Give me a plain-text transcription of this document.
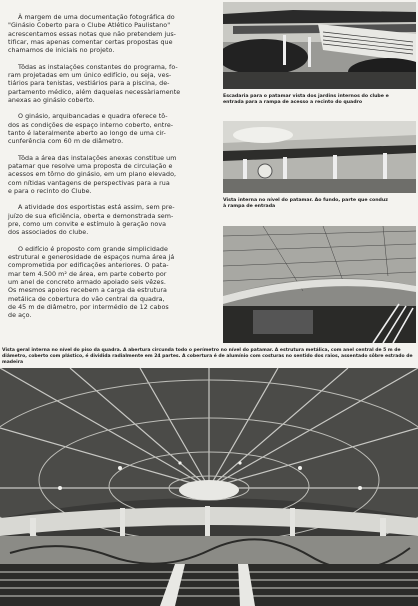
À margem de uma documentação fotográfica do
"Ginásio Coberto para o Clube Atlético Paulistano"
acrescentamos essas notas que não pretendem jus-
tificar, mas apenas comentar certas propostas que
chamamos de iniciais no projeto.

Tôdas as instalações constantes do programa, fo-
ram projetadas em um único edifício, ou seja, ves-
tiários para tenistas, vestiários para a piscina, de-
partamento médico, além daquelas necessàriamente
anexas ao ginásio coberto.

O ginásio, arquibancadas e quadra oferece tô-
dos as condições de espaço interno coberto, entre-
tanto é lateralmente aberto ao longo de uma cir-
cunferência com 60 m de diâmetro.

Tôda a área das instalações anexas constitue um
patamar que resolve uma proposta de circulação e
acessos em tôrno do ginásio, em um plano elevado,
com nítidas vantagens de perspectivas para a rua
e para o recinto do Clube.

A atividade dos esportistas está assim, sem pre-
juízo de sua eficiência, oberta e demonstrada sem-
pre, como um convite e estímulo à geração nova
dos associados do clube.

O edifício é proposto com grande simplicidade
estrutural e generosidade de espaços numa área já
comprometida por edificações anteriores. O pata-
mar tem 4.500 m² de área, em parte coberto por
um anel de concreto armado apoiado seis vêzes.
Os mesmos apoios recebem a carga da estrutura
metálica de cobertura do vão central da quadra,
de 45 m de diâmetro, por intermédio de 12 cabos
de aço.

Escadaria para o patamar vista dos jardins internos do clube e
entrada para a rampa de acesso a recinto do quadro
Vista interna no nível do patamar. Ao fundo, parte que conduz
à rampa de entrada
Vista geral interna no nível do piso da quadra. A abertura circunda todo o perímetro no nível do patamar. A estrutura metálica, com anel central de 5 m de diâmetro, coberto com plástico, é dividida radialmente em 24 partes. A cobertura é de alumínio com costuras no sentido dos raios, assentado sôbre estrado de madeira
